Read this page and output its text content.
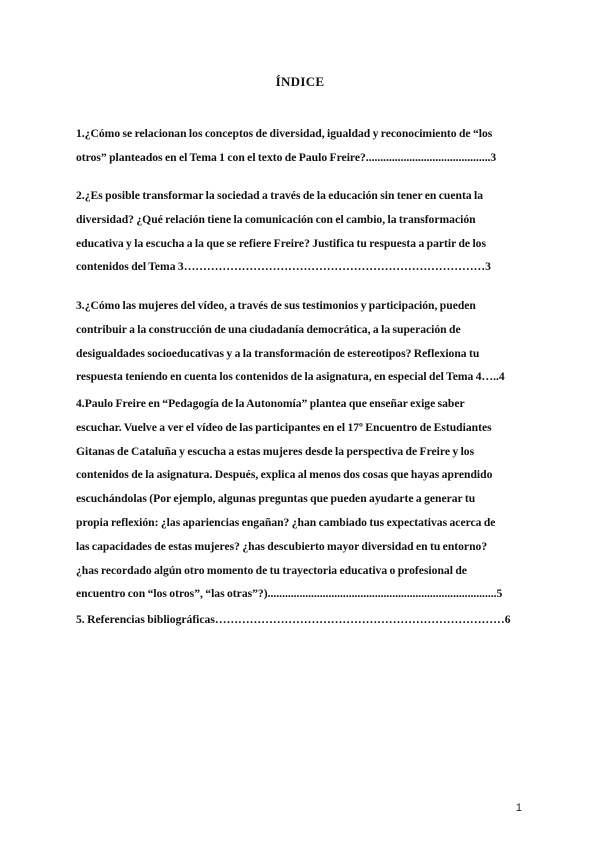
ÍNDICE
1.¿Cómo se relacionan los conceptos de diversidad, igualdad y reconocimiento de “los
otros” planteados en el Tema 1 con el texto de Paulo Freire?...........................................3
2.¿Es posible transformar la sociedad a través de la educación sin tener en cuenta la
diversidad? ¿Qué relación tiene la comunicación con el cambio, la transformación
educativa y la escucha a la que se refiere Freire? Justifica tu respuesta a partir de los
contenidos del Tema 3……………………………………………………………………3
3.¿Cómo las mujeres del vídeo, a través de sus testimonios y participación, pueden
contribuir a la construcción de una ciudadanía democrática, a la superación de
desigualdades socioeducativas y a la transformación de estereotipos? Reflexiona tu
respuesta teniendo en cuenta los contenidos de la asignatura, en especial del Tema 4…..4
4.Paulo Freire en “Pedagogía de la Autonomía” plantea que enseñar exige saber
escuchar. Vuelve a ver el vídeo de las participantes en el 17º Encuentro de Estudiantes
Gitanas de Cataluña y escucha a estas mujeres desde la perspectiva de Freire y los
contenidos de la asignatura. Después, explica al menos dos cosas que hayas aprendido
escuchándolas (Por ejemplo, algunas preguntas que pueden ayudarte a generar tu
propia reflexión: ¿las apariencias engañan? ¿han cambiado tus expectativas acerca de
las capacidades de estas mujeres? ¿has descubierto mayor diversidad en tu entorno?
¿has recordado algún otro momento de tu trayectoria educativa o profesional de
encuentro con “los otros”, “las otras”?)...............................................................................5
5. Referencias bibliográficas…………………………………………………………………6
1
